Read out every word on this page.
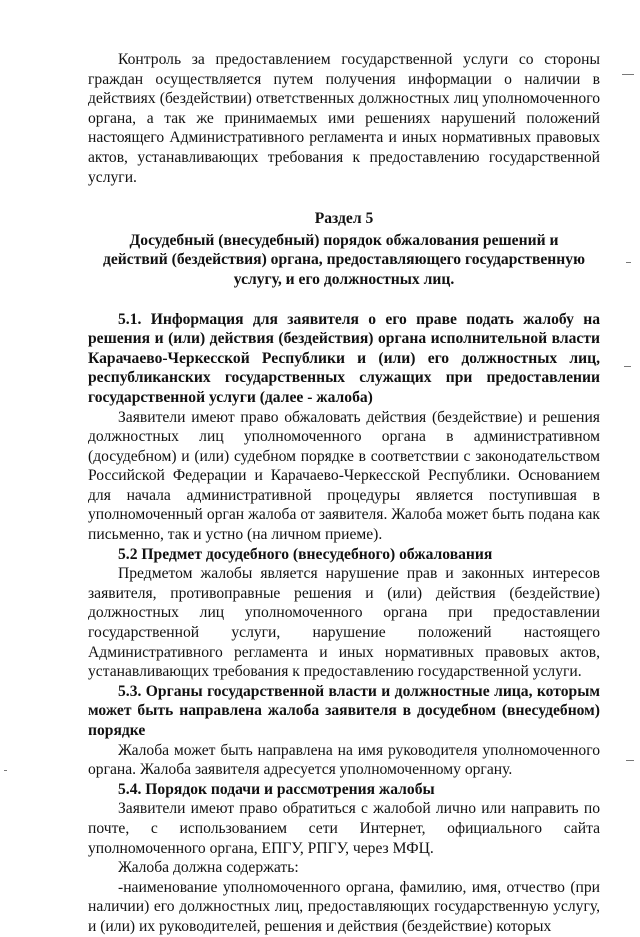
Контроль за предоставлением государственной услуги со стороны граждан осуществляется путем получения информации о наличии в действиях (бездействии) ответственных должностных лиц уполномоченного органа, а так же принимаемых ими решениях нарушений положений настоящего Административного регламента и иных нормативных правовых актов, устанавливающих требования к предоставлению государственной услуги.

Раздел 5

Досудебный (внесудебный) порядок обжалования решений и

действий (бездействия) органа, предоставляющего государственную

услугу, и его должностных лиц.

5.1. Информация для заявителя о его праве подать жалобу на решения и (или) действия (бездействия) органа исполнительной власти Карачаево-Черкесской Республики и (или) его должностных лиц, республиканских государственных служащих при предоставлении государственной услуги (далее - жалоба)

Заявители имеют право обжаловать действия (бездействие) и решения должностных лиц уполномоченного органа в административном (досудебном) и (или) судебном порядке в соответствии с законодательством Российской Федерации и Карачаево-Черкесской Республики. Основанием для начала административной процедуры является поступившая в уполномоченный орган жалоба от заявителя. Жалоба может быть подана как письменно, так и устно (на личном приеме).

5.2 Предмет досудебного (внесудебного) обжалования

Предметом жалобы является нарушение прав и законных интересов заявителя, противоправные решения и (или) действия (бездействие) должностных лиц уполномоченного органа при предоставлении государственной услуги, нарушение положений настоящего Административного регламента и иных нормативных правовых актов, устанавливающих требования к предоставлению государственной услуги.

5.3. Органы государственной власти и должностные лица, которым может быть направлена жалоба заявителя в досудебном (внесудебном) порядке

Жалоба может быть направлена на имя руководителя уполномоченного органа. Жалоба заявителя адресуется уполномоченному органу.

5.4. Порядок подачи и рассмотрения жалобы

Заявители имеют право обратиться с жалобой лично или направить по почте, с использованием сети Интернет, официального сайта уполномоченного органа, ЕПГУ, РПГУ, через МФЦ.

Жалоба должна содержать:

-наименование уполномоченного органа, фамилию, имя, отчество (при наличии) его должностных лиц, предоставляющих государственную услугу, и (или) их руководителей, решения и действия (бездействие) которых
